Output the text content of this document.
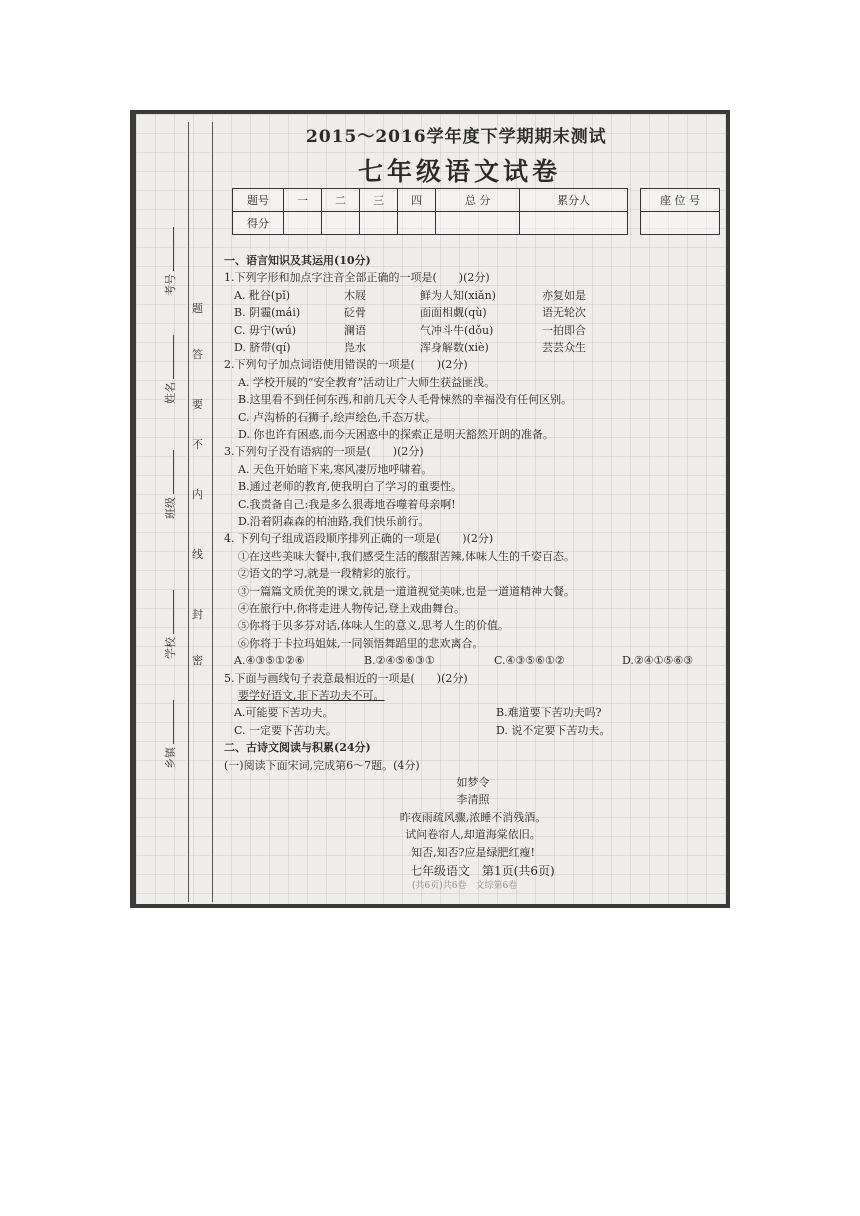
乡镇
学校
班级
姓名
考号
密
封
线
内
不
要
答
题
2015～2016学年度下学期期末测试
七年级语文试卷
题号	一	二	三	四	总 分	累分人
得分						
座 位 号

一、语言知识及其运用(10分)
1.下列字形和加点字注音全部正确的一项是(　　)(2分)
A. 秕谷(pǐ)	木屐	鲜为人知(xiǎn)	亦复如是
B. 阴霾(mái)	砭骨	面面相觑(qù)	语无轮次
C. 毋宁(wú)	澜语	气冲斗牛(dǒu)	一拍即合
D. 脐带(qí)	凫水	浑身解数(xiè)	芸芸众生
2.下列句子加点词语使用错误的一项是(　　)(2分)
A. 学校开展的“安全教育”活动让广大师生获益匪浅。
B.这里看不到任何东西,和前几天令人毛骨悚然的幸福没有任何区别。
C. 卢沟桥的石狮子,绘声绘色,千态万状。
D. 你也许有困惑,而今天困惑中的探索正是明天豁然开朗的准备。
3.下列句子没有语病的一项是(　　)(2分)
A. 天色开始暗下来,寒风凄厉地呼啸着。
B.通过老师的教育,使我明白了学习的重要性。
C.我责备自己:我是多么狠毒地吞噬着母亲啊!
D.沿着阴森森的柏油路,我们快乐前行。
4. 下列句子组成语段顺序排列正确的一项是(　　)(2分)
①在这些美味大餐中,我们感受生活的酸甜苦辣,体味人生的千姿百态。
②语文的学习,就是一段精彩的旅行。
③一篇篇文质优美的课文,就是一道道视觉美味,也是一道道精神大餐。
④在旅行中,你将走进人物传记,登上戏曲舞台。
⑤你将于贝多芬对话,体味人生的意义,思考人生的价值。
⑥你将于卡拉玛姐妹,一同领悟舞蹈里的悲欢离合。
A.④③⑤①②⑥	B.②④⑤⑥③①	C.④③⑤⑥①②	D.②④①⑤⑥③
5.下面与画线句子表意最相近的一项是(　　)(2分)
要学好语文,非下苦功夫不可。
A.可能要下苦功夫。	B.难道要下苦功夫吗?
C. 一定要下苦功夫。	D. 说不定要下苦功夫。
二、古诗文阅读与积累(24分)
(一)阅读下面宋词,完成第6～7题。(4分)
如梦令
李清照
昨夜雨疏风骤,浓睡不消残酒。
试问卷帘人,却道海棠依旧。
知否,知否?应是绿肥红瘦!
七年级语文　第1页(共6页)
(共6页)共6卷　文综第6卷
